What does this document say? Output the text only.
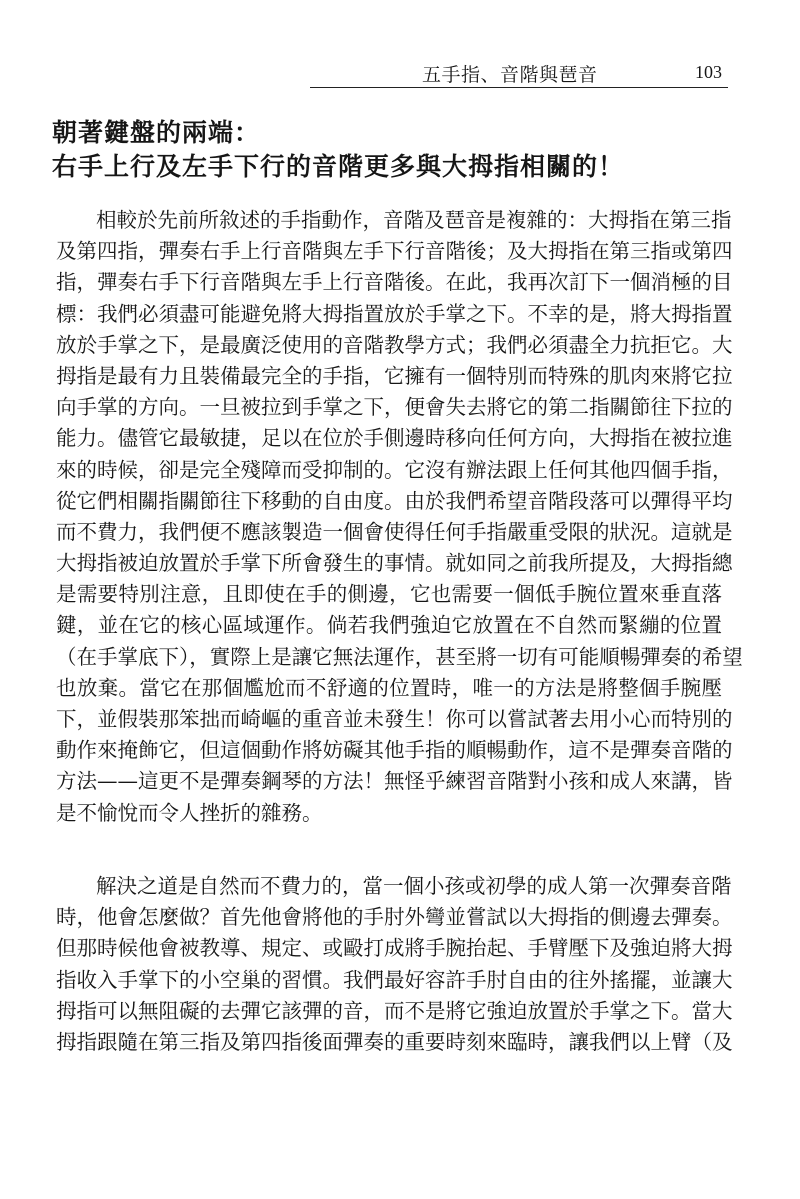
五手指、音階與琶音	103
朝著鍵盤的兩端：
右手上行及左手下行的音階更多與大拇指相關的！
相較於先前所敘述的手指動作，音階及琶音是複雜的：大拇指在第三指
及第四指，彈奏右手上行音階與左手下行音階後；及大拇指在第三指或第四
指，彈奏右手下行音階與左手上行音階後。在此，我再次訂下一個消極的目
標：我們必須盡可能避免將大拇指置放於手掌之下。不幸的是，將大拇指置
放於手掌之下，是最廣泛使用的音階教學方式；我們必須盡全力抗拒它。大
拇指是最有力且裝備最完全的手指，它擁有一個特別而特殊的肌肉來將它拉
向手掌的方向。一旦被拉到手掌之下，便會失去將它的第二指關節往下拉的
能力。儘管它最敏捷，足以在位於手側邊時移向任何方向，大拇指在被拉進
來的時候，卻是完全殘障而受抑制的。它沒有辦法跟上任何其他四個手指，
從它們相關指關節往下移動的自由度。由於我們希望音階段落可以彈得平均
而不費力，我們便不應該製造一個會使得任何手指嚴重受限的狀況。這就是
大拇指被迫放置於手掌下所會發生的事情。就如同之前我所提及，大拇指總
是需要特別注意，且即使在手的側邊，它也需要一個低手腕位置來垂直落
鍵，並在它的核心區域運作。倘若我們強迫它放置在不自然而緊繃的位置
（在手掌底下），實際上是讓它無法運作，甚至將一切有可能順暢彈奏的希望
也放棄。當它在那個尷尬而不舒適的位置時，唯一的方法是將整個手腕壓
下，並假裝那笨拙而崎嶇的重音並未發生！你可以嘗試著去用小心而特別的
動作來掩飾它，但這個動作將妨礙其他手指的順暢動作，這不是彈奏音階的
方法——這更不是彈奏鋼琴的方法！無怪乎練習音階對小孩和成人來講，皆
是不愉悅而令人挫折的雜務。
解決之道是自然而不費力的，當一個小孩或初學的成人第一次彈奏音階
時，他會怎麼做？首先他會將他的手肘外彎並嘗試以大拇指的側邊去彈奏。
但那時候他會被教導、規定、或毆打成將手腕抬起、手臂壓下及強迫將大拇
指收入手掌下的小空巢的習慣。我們最好容許手肘自由的往外搖擺，並讓大
拇指可以無阻礙的去彈它該彈的音，而不是將它強迫放置於手掌之下。當大
拇指跟隨在第三指及第四指後面彈奏的重要時刻來臨時，讓我們以上臂（及
